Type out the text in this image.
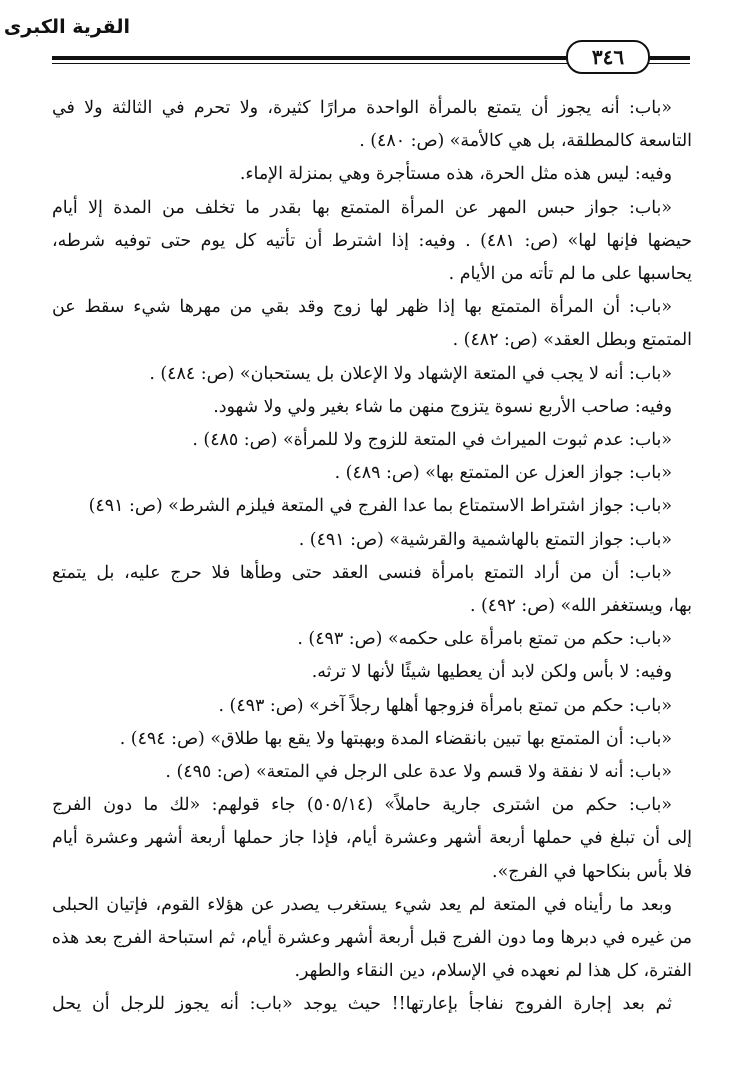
القرية الكبرى
٣٤٦
«باب: أنه يجوز أن يتمتع بالمرأة الواحدة مرارًا كثيرة، ولا تحرم في الثالثة ولا في
التاسعة كالمطلقة، بل هي كالأمة» (ص: ٤٨٠) .
وفيه: ليس هذه مثل الحرة، هذه مستأجرة وهي بمنزلة الإماء.
«باب: جواز حبس المهر عن المرأة المتمتع بها بقدر ما تخلف من المدة إلا أيام
حيضها فإنها لها» (ص: ٤٨١) . وفيه: إذا اشترط أن تأتيه كل يوم حتى توفيه شرطه،
يحاسبها على ما لم تأته من الأيام .
«باب: أن المرأة المتمتع بها إذا ظهر لها زوج وقد بقي من مهرها شيء سقط عن
المتمتع وبطل العقد» (ص: ٤٨٢) .
«باب: أنه لا يجب في المتعة الإشهاد ولا الإعلان بل يستحبان» (ص: ٤٨٤) .
وفيه: صاحب الأربع نسوة يتزوج منهن ما شاء بغير ولي ولا شهود.
«باب: عدم ثبوت الميراث في المتعة للزوج ولا للمرأة» (ص: ٤٨٥) .
«باب: جواز العزل عن المتمتع بها» (ص: ٤٨٩) .
«باب: جواز اشتراط الاستمتاع بما عدا الفرج في المتعة فيلزم الشرط» (ص: ٤٩١)
«باب: جواز التمتع بالهاشمية والقرشية» (ص: ٤٩١) .
«باب: أن من أراد التمتع بامرأة فنسى العقد حتى وطأها فلا حرج عليه، بل يتمتع
بها، ويستغفر الله» (ص: ٤٩٢) .
«باب: حكم من تمتع بامرأة على حكمه» (ص: ٤٩٣) .
وفيه: لا بأس ولكن لابد أن يعطيها شيئًا لأنها لا ترثه.
«باب: حكم من تمتع بامرأة فزوجها أهلها رجلاً آخر» (ص: ٤٩٣) .
«باب: أن المتمتع بها تبين بانقضاء المدة وبهبتها ولا يقع بها طلاق» (ص: ٤٩٤) .
«باب: أنه لا نفقة ولا قسم ولا عدة على الرجل في المتعة» (ص: ٤٩٥) .
«باب: حكم من اشترى جارية حاملاً» (٥٠٥/١٤) جاء قولهم: «لك ما دون الفرج
إلى أن تبلغ في حملها أربعة أشهر وعشرة أيام، فإذا جاز حملها أربعة أشهر وعشرة أيام
فلا بأس بنكاحها في الفرج».
وبعد ما رأيناه في المتعة لم يعد شيء يستغرب يصدر عن هؤلاء القوم، فإتيان الحبلى
من غيره في دبرها وما دون الفرج قبل أربعة أشهر وعشرة أيام، ثم استباحة الفرج بعد هذه
الفترة، كل هذا لم نعهده في الإسلام، دين النقاء والطهر.
ثم بعد إجارة الفروج نفاجأ بإعارتها!! حيث يوجد «باب: أنه يجوز للرجل أن يحل
